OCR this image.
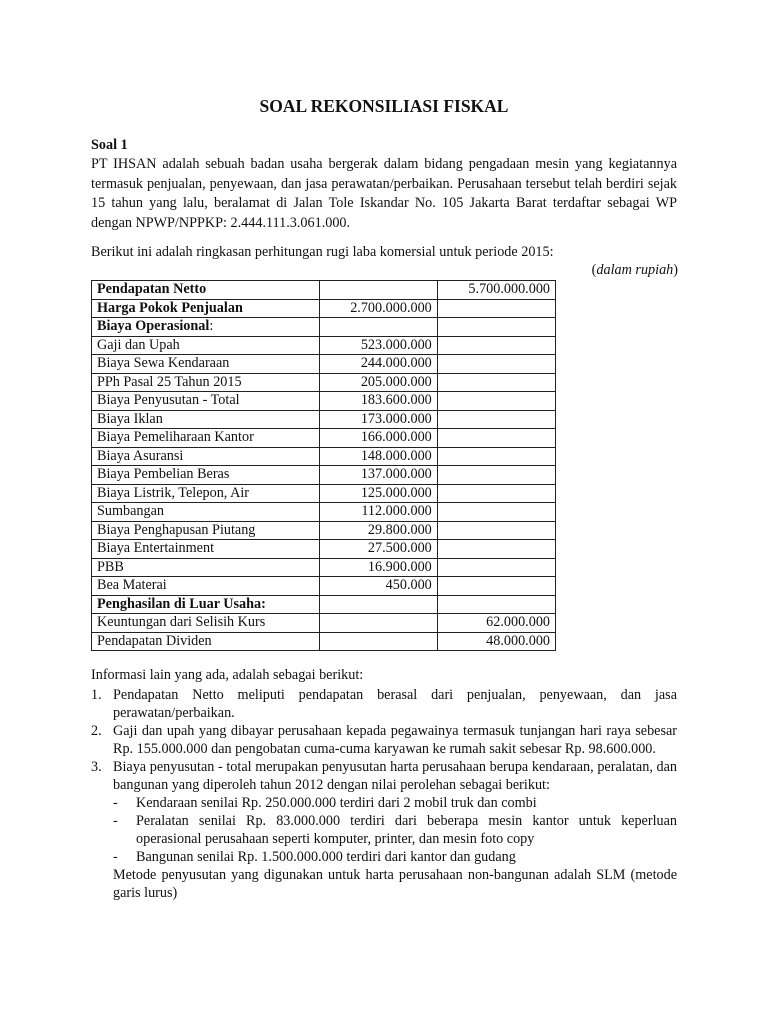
SOAL REKONSILIASI FISKAL
Soal 1

PT IHSAN adalah sebuah badan usaha bergerak dalam bidang pengadaan mesin yang kegiatannya termasuk penjualan, penyewaan, dan jasa perawatan/perbaikan. Perusahaan tersebut telah berdiri sejak 15 tahun yang lalu, beralamat di Jalan Tole Iskandar No. 105 Jakarta Barat terdaftar sebagai WP dengan NPWP/NPPKP: 2.444.111.3.061.000.

Berikut ini adalah ringkasan perhitungan rugi laba komersial untuk periode 2015:
(dalam rupiah)
Pendapatan Netto		5.700.000.000
Harga Pokok Penjualan	2.700.000.000	
Biaya Operasional:		
Gaji dan Upah	523.000.000	
Biaya Sewa Kendaraan	244.000.000	
PPh Pasal 25 Tahun 2015	205.000.000	
Biaya Penyusutan - Total	183.600.000	
Biaya Iklan	173.000.000	
Biaya Pemeliharaan Kantor	166.000.000	
Biaya Asuransi	148.000.000	
Biaya Pembelian Beras	137.000.000	
Biaya Listrik, Telepon, Air	125.000.000	
Sumbangan	112.000.000	
Biaya Penghapusan Piutang	29.800.000	
Biaya Entertainment	27.500.000	
PBB	16.900.000	
Bea Materai	450.000	
Penghasilan di Luar Usaha:		
Keuntungan dari Selisih Kurs		62.000.000
Pendapatan Dividen		48.000.000
Informasi lain yang ada, adalah sebagai berikut:
1. Pendapatan Netto meliputi pendapatan berasal dari penjualan, penyewaan, dan jasa perawatan/perbaikan.
2. Gaji dan upah yang dibayar perusahaan kepada pegawainya termasuk tunjangan hari raya sebesar Rp. 155.000.000 dan pengobatan cuma-cuma karyawan ke rumah sakit sebesar Rp. 98.600.000.
3. Biaya penyusutan - total merupakan penyusutan harta perusahaan berupa kendaraan, peralatan, dan bangunan yang diperoleh tahun 2012 dengan nilai perolehan sebagai berikut:
- Kendaraan senilai Rp. 250.000.000 terdiri dari 2 mobil truk dan combi
- Peralatan senilai Rp. 83.000.000 terdiri dari beberapa mesin kantor untuk keperluan operasional perusahaan seperti komputer, printer, dan mesin foto copy
- Bangunan senilai Rp. 1.500.000.000 terdiri dari kantor dan gudang
Metode penyusutan yang digunakan untuk harta perusahaan non-bangunan adalah SLM (metode garis lurus)
